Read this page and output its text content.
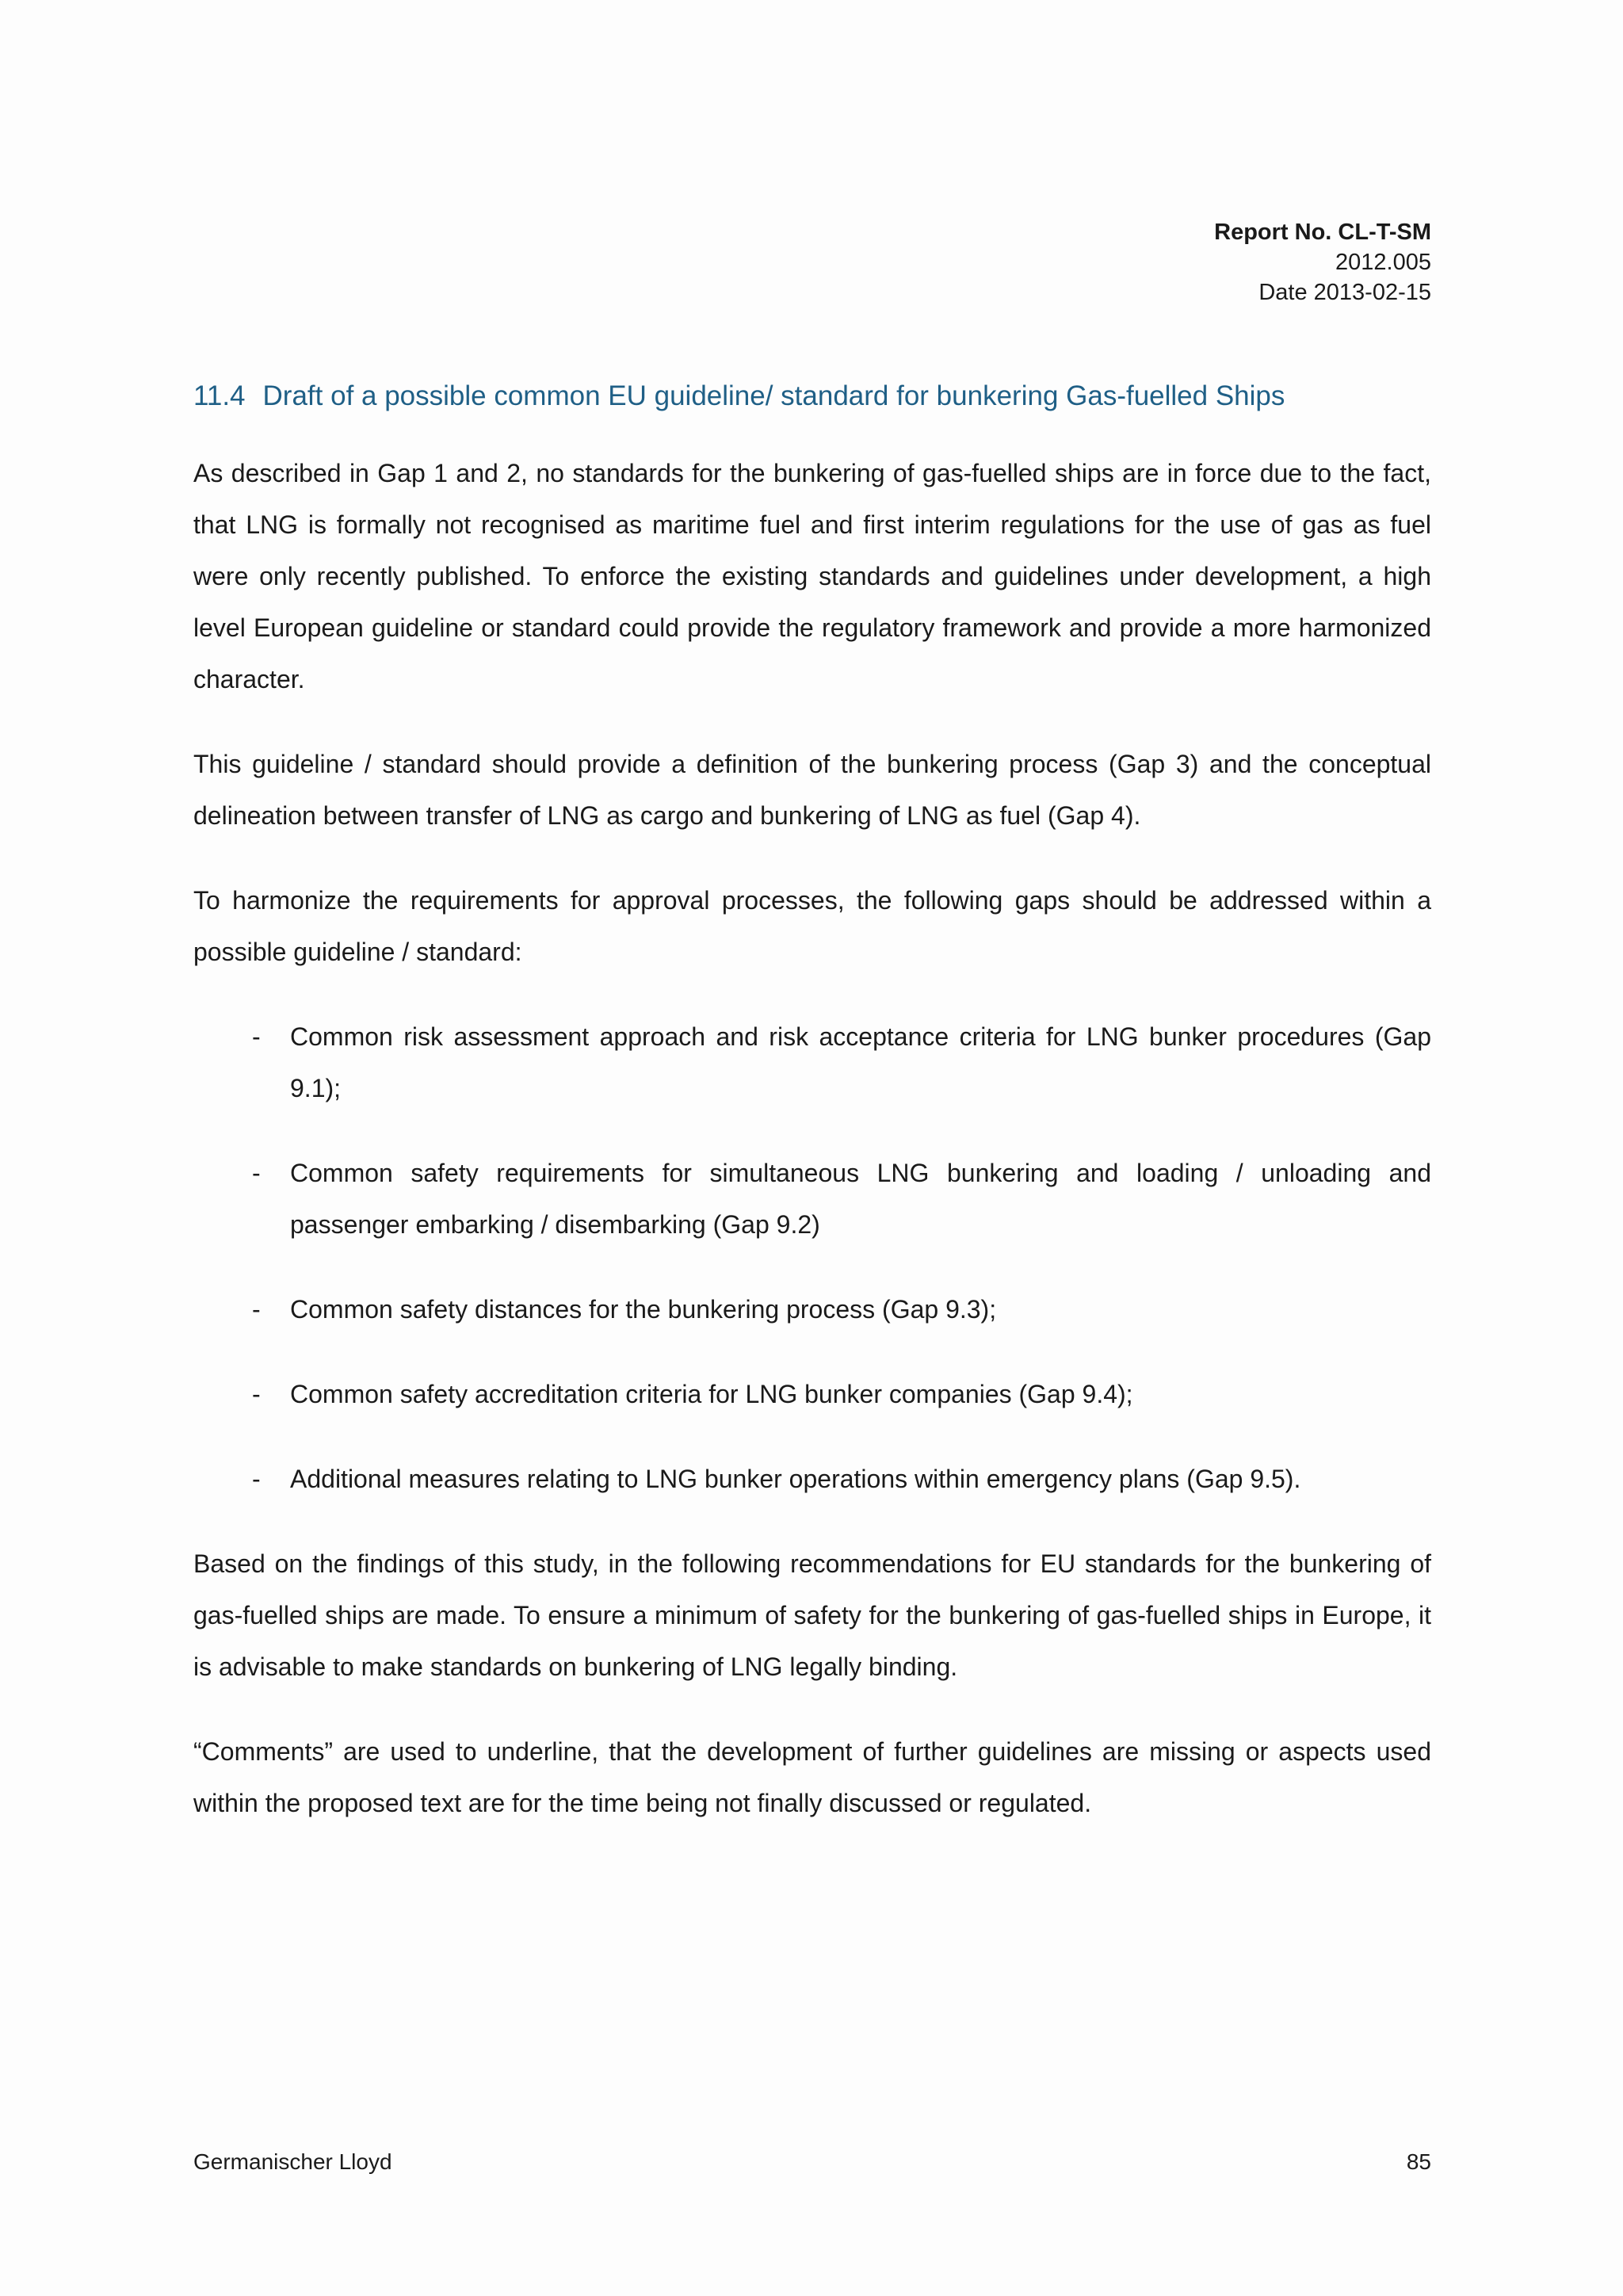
Report No. CL-T-SM
2012.005
Date 2013-02-15
11.4 Draft of a possible common EU guideline/ standard for bunkering Gas-fuelled Ships

As described in Gap 1 and 2, no standards for the bunkering of gas-fuelled ships are in force due to the fact, that LNG is formally not recognised as maritime fuel and first interim regulations for the use of gas as fuel were only recently published. To enforce the existing standards and guidelines under development, a high level European guideline or standard could provide the regulatory framework and provide a more harmonized character.

This guideline / standard should provide a definition of the bunkering process (Gap 3) and the conceptual delineation between transfer of LNG as cargo and bunkering of LNG as fuel (Gap 4).

To harmonize the requirements for approval processes, the following gaps should be addressed within a possible guideline / standard:

- Common risk assessment approach and risk acceptance criteria for LNG bunker procedures (Gap 9.1);
- Common safety requirements for simultaneous LNG bunkering and loading / unloading and passenger embarking / disembarking (Gap 9.2)
- Common safety distances for the bunkering process (Gap 9.3);
- Common safety accreditation criteria for LNG bunker companies (Gap 9.4);
- Additional measures relating to LNG bunker operations within emergency plans (Gap 9.5).

Based on the findings of this study, in the following recommendations for EU standards for the bunkering of gas-fuelled ships are made. To ensure a minimum of safety for the bunkering of gas-fuelled ships in Europe, it is advisable to make standards on bunkering of LNG legally binding.

“Comments” are used to underline, that the development of further guidelines are missing or aspects used within the proposed text are for the time being not finally discussed or regulated.

Germanischer Lloyd	85
